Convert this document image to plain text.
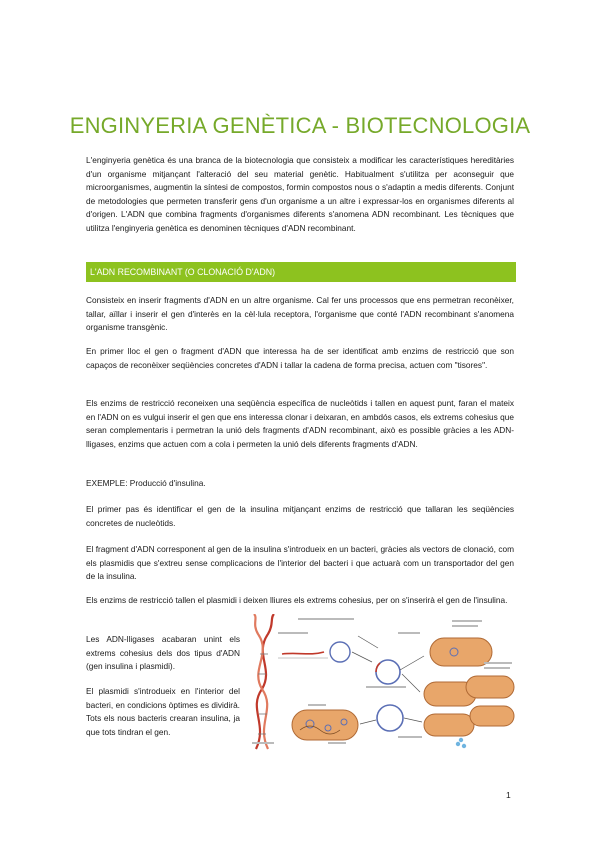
ENGINYERIA GENÈTICA - BIOTECNOLOGIA

L'enginyeria genètica és una branca de la biotecnologia que consisteix a modificar les característiques hereditàries d'un organisme mitjançant l'alteració del seu material genètic. Habitualment s'utilitza per aconseguir que microorganismes, augmentin la síntesi de compostos, formin compostos nous o s'adaptin a medis diferents. Conjunt de metodologies que permeten transferir gens d'un organisme a un altre i expressar-los en organismes diferents al d'origen. L'ADN que combina fragments d'organismes diferents s'anomena ADN recombinant. Les tècniques que utilitza l'enginyeria genètica es denominen tècniques d'ADN recombinant.

L'ADN RECOMBINANT (O CLONACIÓ D'ADN)

Consisteix en inserir fragments d'ADN en un altre organisme. Cal fer uns processos que ens permetran reconèixer, tallar, aïllar i inserir el gen d'interès en la cèl·lula receptora, l'organisme que conté l'ADN recombinant s'anomena organisme transgènic.

En primer lloc el gen o fragment d'ADN que interessa ha de ser identificat amb enzims de restricció que son capaços de reconèixer seqüències concretes d'ADN i tallar la cadena de forma precisa, actuen com "tisores".

Els enzims de restricció reconeixen una seqüència específica de nucleòtids i tallen en aquest punt, faran el mateix en l'ADN on es vulgui inserir el gen que ens interessa clonar i deixaran, en ambdós casos, els extrems cohesius que seran complementaris i permetran la unió dels fragments d'ADN recombinant, això es possible gràcies a les ADN-lligases, enzims que actuen com a cola i permeten la unió dels diferents fragments d'ADN.

EXEMPLE: Producció d'insulina.

El primer pas és identificar el gen de la insulina mitjançant enzims de restricció que tallaran les seqüències concretes de nucleòtids.

El fragment d'ADN corresponent al gen de la insulina s'introdueix en un bacteri, gràcies als vectors de clonació, com els plasmidis que s'extreu sense complicacions de l'interior del bacteri i que actuarà com un transportador del gen de la insulina.

Els enzims de restricció tallen el plasmidi i deixen lliures els extrems cohesius, per on s'inserirà el gen de l'insulina.

Les ADN-lligases acabaran unint els extrems cohesius dels dos tipus d'ADN (gen insulina i plasmidi).

El plasmidi s'introdueix en l'interior del bacteri, en condicions òptimes es dividirà. Tots els nous bacteris crearan insulina, ja que tots tindran el gen.

1
